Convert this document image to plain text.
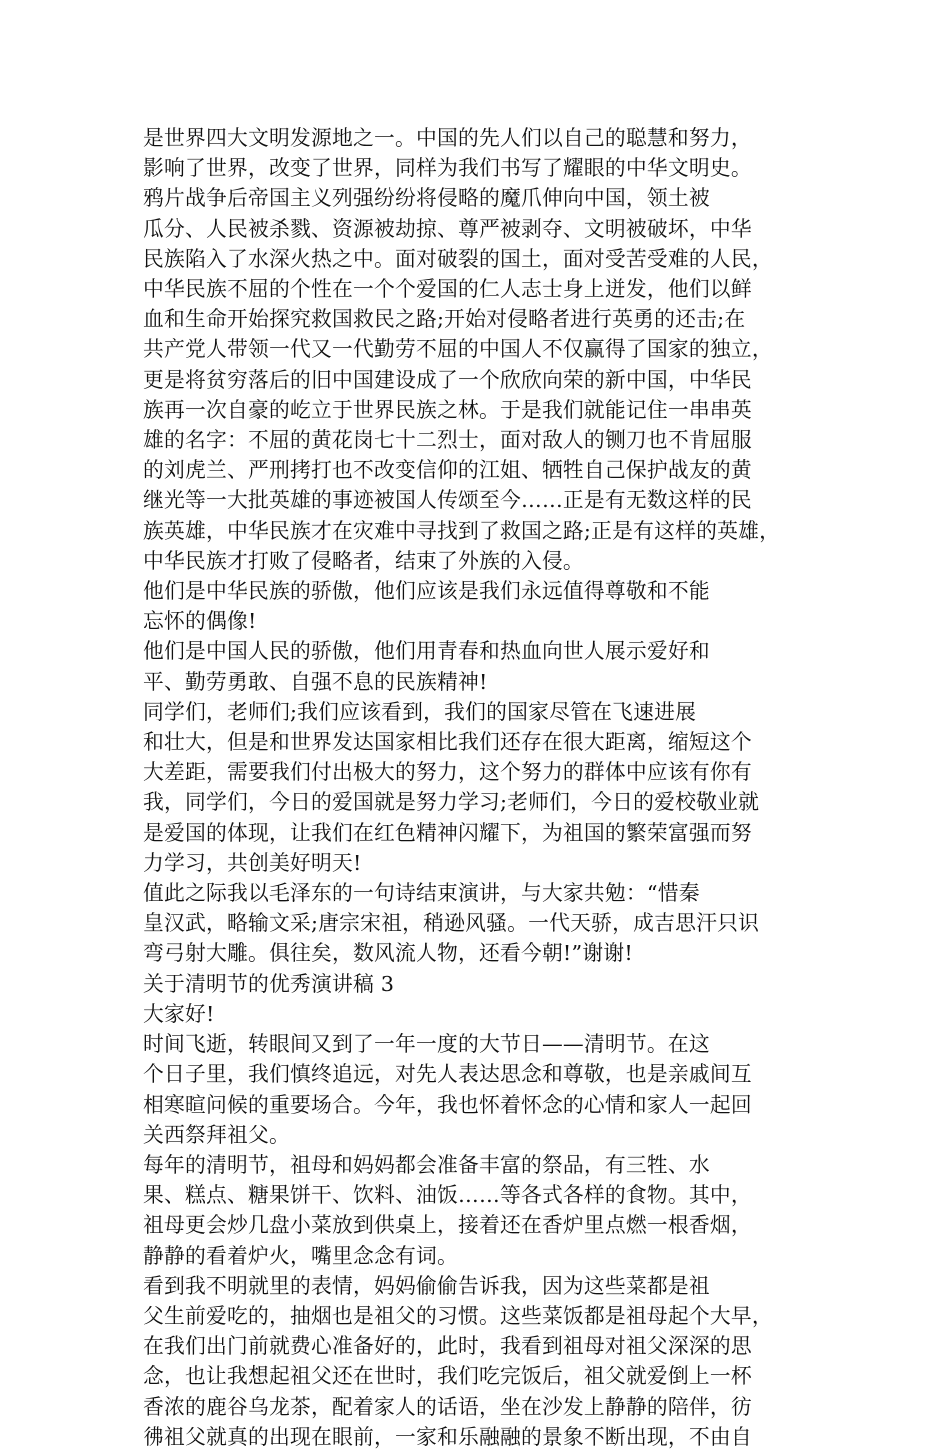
是世界四大文明发源地之一。中国的先人们以自己的聪慧和努力，
影响了世界，改变了世界，同样为我们书写了耀眼的中华文明史。
鸦片战争后帝国主义列强纷纷将侵略的魔爪伸向中国，领土被
瓜分、人民被杀戮、资源被劫掠、尊严被剥夺、文明被破坏，中华
民族陷入了水深火热之中。面对破裂的国土，面对受苦受难的人民，
中华民族不屈的个性在一个个爱国的仁人志士身上迸发，他们以鲜
血和生命开始探究救国救民之路;开始对侵略者进行英勇的还击;在
共产党人带领一代又一代勤劳不屈的中国人不仅赢得了国家的独立，
更是将贫穷落后的旧中国建设成了一个欣欣向荣的新中国，中华民
族再一次自豪的屹立于世界民族之林。于是我们就能记住一串串英
雄的名字：不屈的黄花岗七十二烈士，面对敌人的铡刀也不肯屈服
的刘虎兰、严刑拷打也不改变信仰的江姐、牺牲自己保护战友的黄
继光等一大批英雄的事迹被国人传颂至今……正是有无数这样的民
族英雄，中华民族才在灾难中寻找到了救国之路;正是有这样的英雄，
中华民族才打败了侵略者，结束了外族的入侵。
他们是中华民族的骄傲，他们应该是我们永远值得尊敬和不能
忘怀的偶像!
他们是中国人民的骄傲，他们用青春和热血向世人展示爱好和
平、勤劳勇敢、自强不息的民族精神!
同学们，老师们;我们应该看到，我们的国家尽管在飞速进展
和壮大，但是和世界发达国家相比我们还存在很大距离，缩短这个
大差距，需要我们付出极大的努力，这个努力的群体中应该有你有
我，同学们，今日的爱国就是努力学习;老师们，今日的爱校敬业就
是爱国的体现，让我们在红色精神闪耀下，为祖国的繁荣富强而努
力学习，共创美好明天!
值此之际我以毛泽东的一句诗结束演讲，与大家共勉：“惜秦
皇汉武，略输文采;唐宗宋祖，稍逊风骚。一代天骄，成吉思汗只识
弯弓射大雕。俱往矣，数风流人物，还看今朝!”谢谢!
关于清明节的优秀演讲稿 3
大家好!
时间飞逝，转眼间又到了一年一度的大节日——清明节。在这
个日子里，我们慎终追远，对先人表达思念和尊敬，也是亲戚间互
相寒暄问候的重要场合。今年，我也怀着怀念的心情和家人一起回
关西祭拜祖父。
每年的清明节，祖母和妈妈都会准备丰富的祭品，有三牲、水
果、糕点、糖果饼干、饮料、油饭……等各式各样的食物。其中，
祖母更会炒几盘小菜放到供桌上，接着还在香炉里点燃一根香烟，
静静的看着炉火，嘴里念念有词。
看到我不明就里的表情，妈妈偷偷告诉我，因为这些菜都是祖
父生前爱吃的，抽烟也是祖父的习惯。这些菜饭都是祖母起个大早，
在我们出门前就费心准备好的，此时，我看到祖母对祖父深深的思
念，也让我想起祖父还在世时，我们吃完饭后，祖父就爱倒上一杯
香浓的鹿谷乌龙茶，配着家人的话语，坐在沙发上静静的陪伴，彷
彿祖父就真的出现在眼前，一家和乐融融的景象不断出现，不由自
